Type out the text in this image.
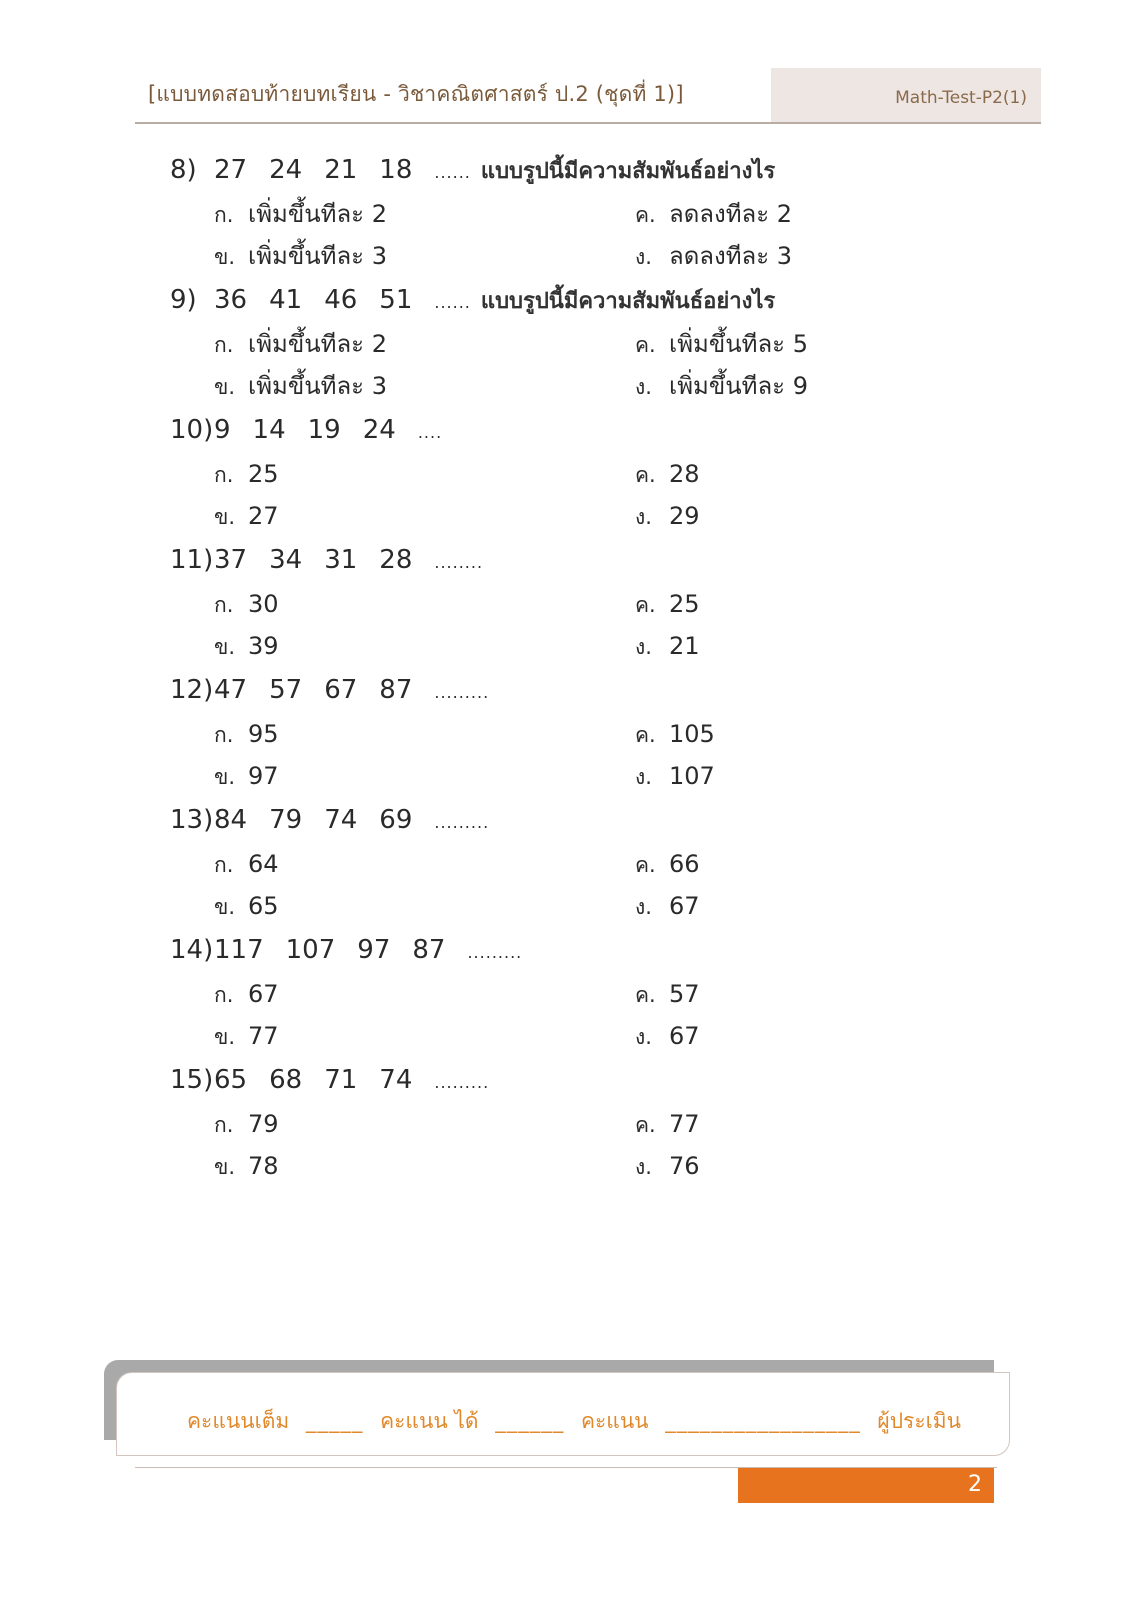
[แบบทดสอบท้ายบทเรียน - วิชาคณิตศาสตร์ ป.2 (ชุดที่ 1)]	Math-Test-P2(1)
8) 27 24 21 18 ...... แบบรูปนี้มีความสัมพันธ์อย่างไร
ก. เพิ่มขึ้นทีละ 2
ข. เพิ่มขึ้นทีละ 3
ค. ลดลงทีละ 2
ง. ลดลงทีละ 3
9) 36 41 46 51 ...... แบบรูปนี้มีความสัมพันธ์อย่างไร
ก. เพิ่มขึ้นทีละ 2
ข. เพิ่มขึ้นทีละ 3
ค. เพิ่มขึ้นทีละ 5
ง. เพิ่มขึ้นทีละ 9
10)9 14 19 24 ....
ก. 25
ข. 27
ค. 28
ง. 29
11)37 34 31 28 ........
ก. 30
ข. 39
ค. 25
ง. 21
12)47 57 67 87 .........
ก. 95
ข. 97
ค. 105
ง. 107
13)84 79 74 69 .........
ก. 64
ข. 65
ค. 66
ง. 67
14)117 107 97 87 .........
ก. 67
ข. 77
ค. 57
ง. 67
15)65 68 71 74 .........
ก. 79
ข. 78
ค. 77
ง. 76
คะแนนเต็ม _____ คะแนน ได้ ______ คะแนน _________________ ผู้ประเมิน
2
